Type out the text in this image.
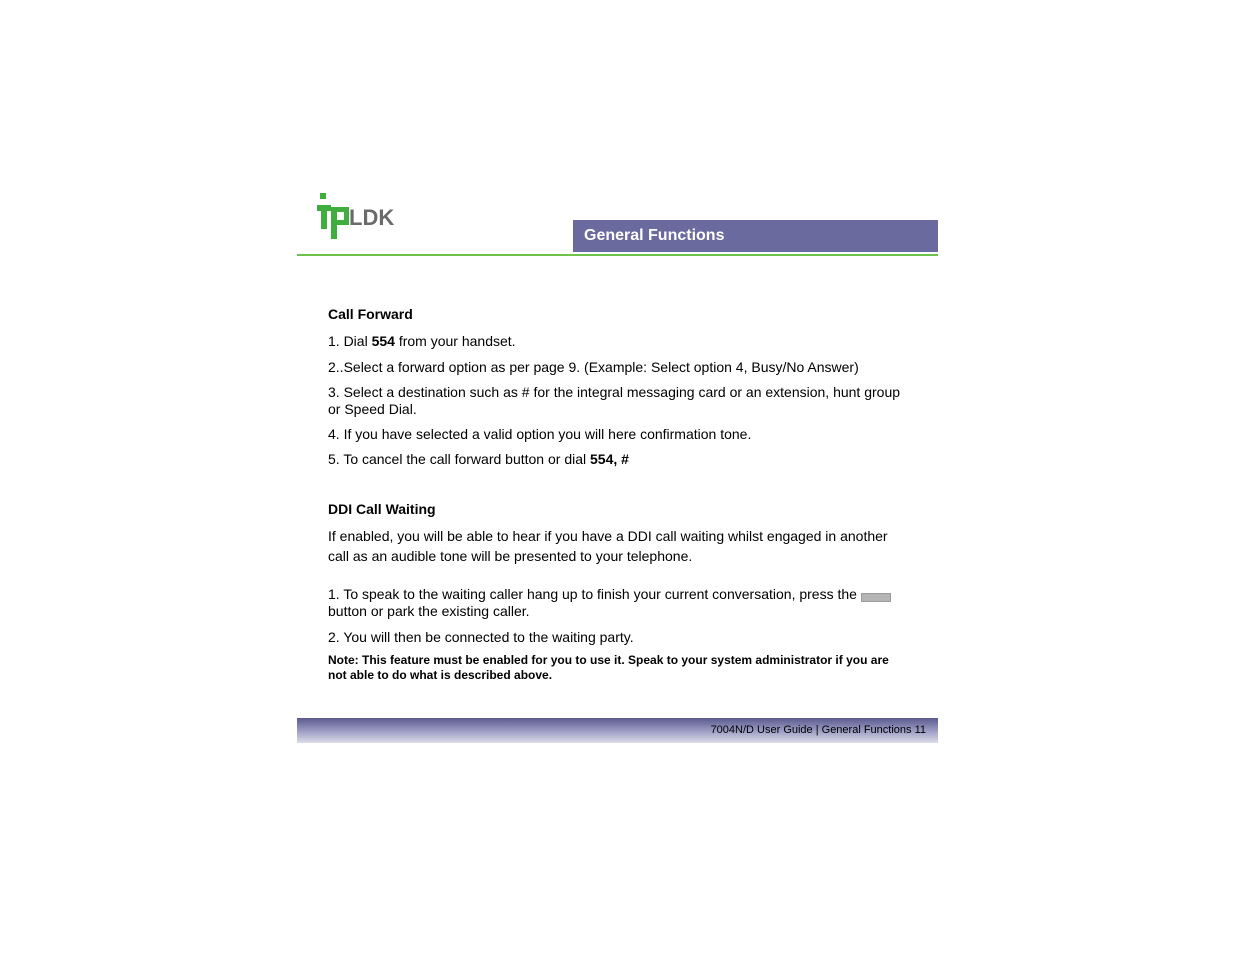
LDK
General Functions
Call Forward
1. Dial 554 from your handset.
2..Select a forward option as per page 9. (Example: Select option 4, Busy/No Answer)
3. Select a destination such as # for the integral messaging card or an extension, hunt group or Speed Dial.
4. If you have selected a valid option you will here confirmation tone.
5. To cancel the call forward button or dial 554, #
DDI Call Waiting
If enabled, you will be able to hear if you have a DDI call waiting whilst engaged in another call as an audible tone will be presented to your telephone.
1. To speak to the waiting caller hang up to finish your current conversation, press the

button or park the existing caller.
2. You will then be connected to the waiting party.
Note: This feature must be enabled for you to use it. Speak to your system administrator if you are not able to do what is described above.
7004N/D User Guide | General Functions 11
